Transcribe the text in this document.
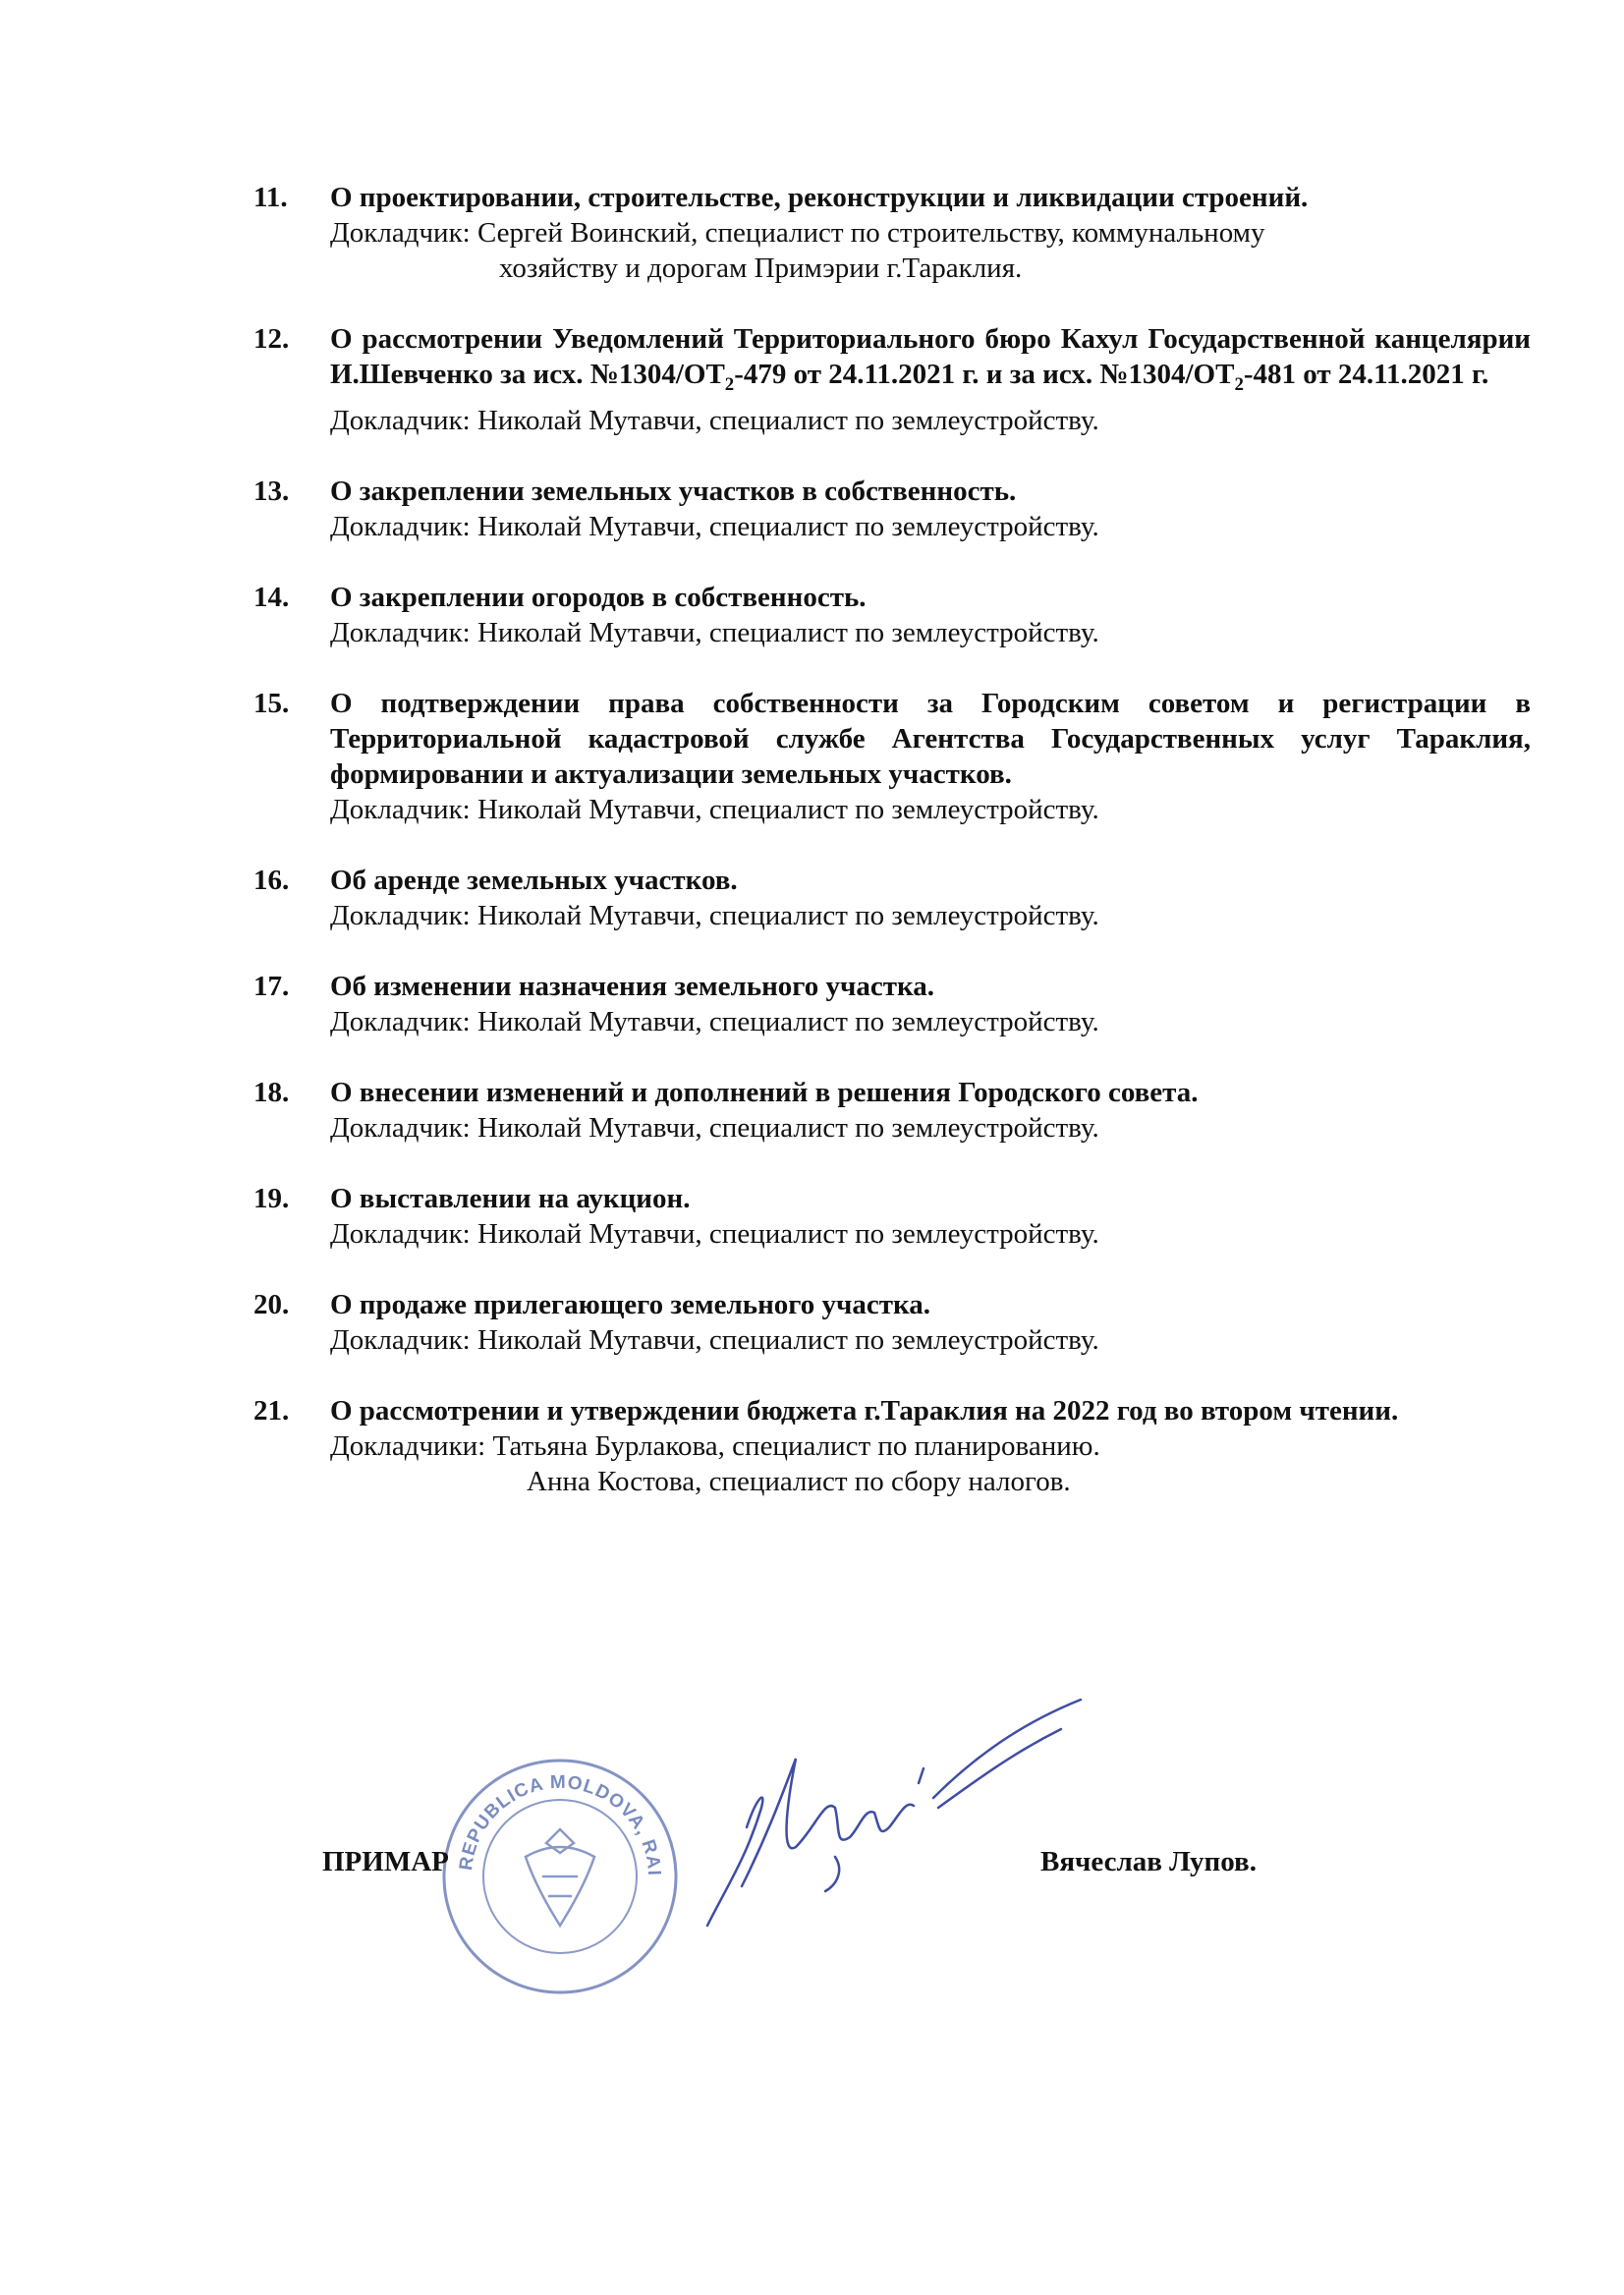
11. О проектировании, строительстве, реконструкции и ликвидации строений.
Докладчик: Сергей Воинский, специалист по строительству, коммунальному
хозяйству и дорогам Примэрии г.Тараклия.
12. О рассмотрении Уведомлений Территориального бюро Кахул Государственной канцелярии И.Шевченко за исх. $№1304/ОТ_2-479$ от 24.11.2021 г. и за исх. $№1304/ОТ_2-481$ от 24.11.2021 г.
Докладчик: Николай Мутавчи, специалист по землеустройству.
13. О закреплении земельных участков в собственность.
Докладчик: Николай Мутавчи, специалист по землеустройству.
14. О закреплении огородов в собственность.
Докладчик: Николай Мутавчи, специалист по землеустройству.
15. О подтверждении права собственности за Городским советом и регистрации в Территориальной кадастровой службе Агентства Государственных услуг Тараклия, формировании и актуализации земельных участков.
Докладчик: Николай Мутавчи, специалист по землеустройству.
16. Об аренде земельных участков.
Докладчик: Николай Мутавчи, специалист по землеустройству.
17. Об изменении назначения земельного участка.
Докладчик: Николай Мутавчи, специалист по землеустройству.
18. О внесении изменений и дополнений в решения Городского совета.
Докладчик: Николай Мутавчи, специалист по землеустройству.
19. О выставлении на аукцион.
Докладчик: Николай Мутавчи, специалист по землеустройству.
20. О продаже прилегающего земельного участка.
Докладчик: Николай Мутавчи, специалист по землеустройству.
21. О рассмотрении и утверждении бюджета г.Тараклия на 2022 год во втором чтении.
Докладчики: Татьяна Бурлакова, специалист по планированию.
Анна Костова, специалист по сбору налогов.
REPUBLICA MOLDOVA, RAI
ПРИМАР	Вячеслав Лупов.
